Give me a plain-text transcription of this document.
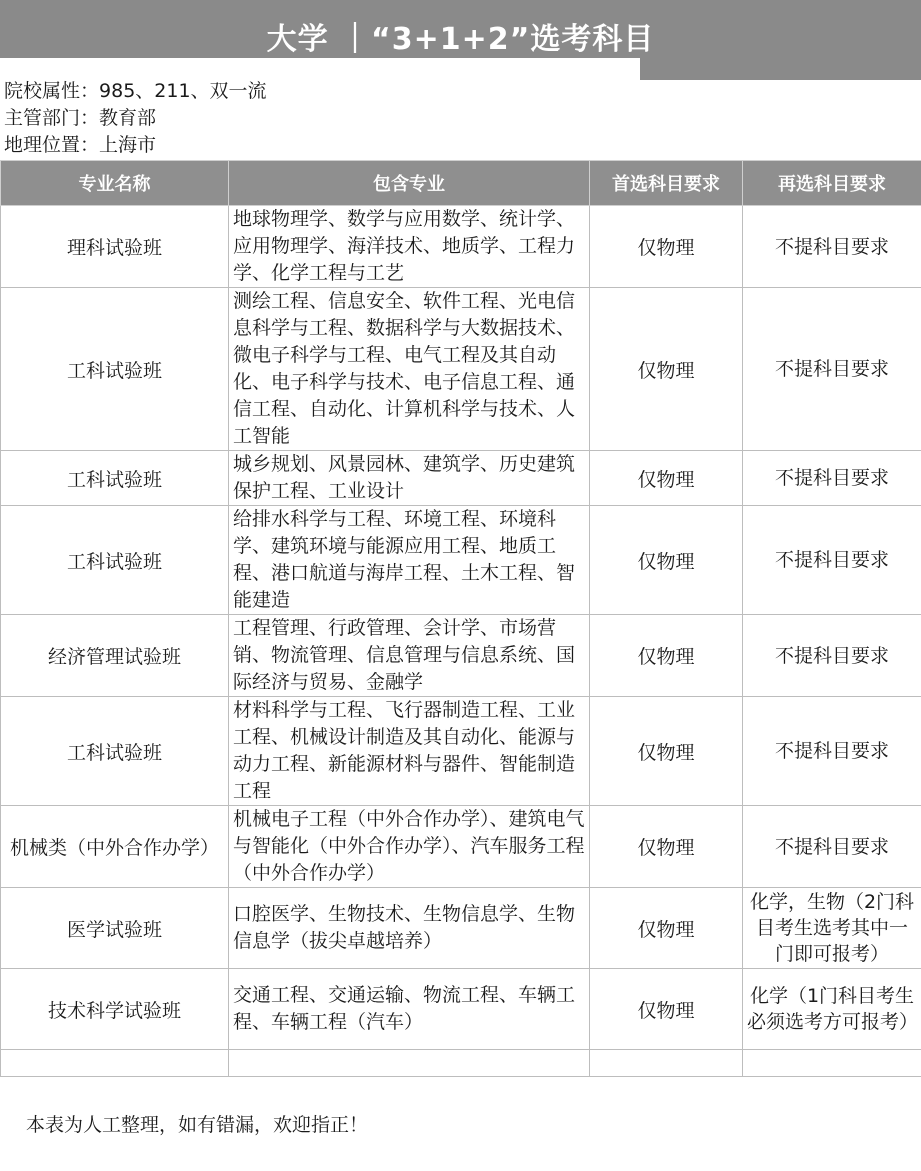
大学 ｜“3+1+2”选考科目
院校属性：985、211、双一流
主管部门：教育部
地理位置：上海市
专业名称	包含专业	首选科目要求	再选科目要求
理科试验班	地球物理学、数学与应用数学、统计学、应用物理学、海洋技术、地质学、工程力学、化学工程与工艺	仅物理	不提科目要求
工科试验班	测绘工程、信息安全、软件工程、光电信息科学与工程、数据科学与大数据技术、微电子科学与工程、电气工程及其自动化、电子科学与技术、电子信息工程、通信工程、自动化、计算机科学与技术、人工智能	仅物理	不提科目要求
工科试验班	城乡规划、风景园林、建筑学、历史建筑保护工程、工业设计	仅物理	不提科目要求
工科试验班	给排水科学与工程、环境工程、环境科学、建筑环境与能源应用工程、地质工程、港口航道与海岸工程、土木工程、智能建造	仅物理	不提科目要求
经济管理试验班	工程管理、行政管理、会计学、市场营销、物流管理、信息管理与信息系统、国际经济与贸易、金融学	仅物理	不提科目要求
工科试验班	材料科学与工程、飞行器制造工程、工业工程、机械设计制造及其自动化、能源与动力工程、新能源材料与器件、智能制造工程	仅物理	不提科目要求
机械类（中外合作办学）	机械电子工程（中外合作办学）、建筑电气与智能化（中外合作办学）、汽车服务工程（中外合作办学）	仅物理	不提科目要求
医学试验班	口腔医学、生物技术、生物信息学、生物信息学（拔尖卓越培养）	仅物理	化学，生物（2门科目考生选考其中一门即可报考）
技术科学试验班	交通工程、交通运输、物流工程、车辆工程、车辆工程（汽车）	仅物理	化学（1门科目考生必须选考方可报考）

本表为人工整理，如有错漏，欢迎指正！
